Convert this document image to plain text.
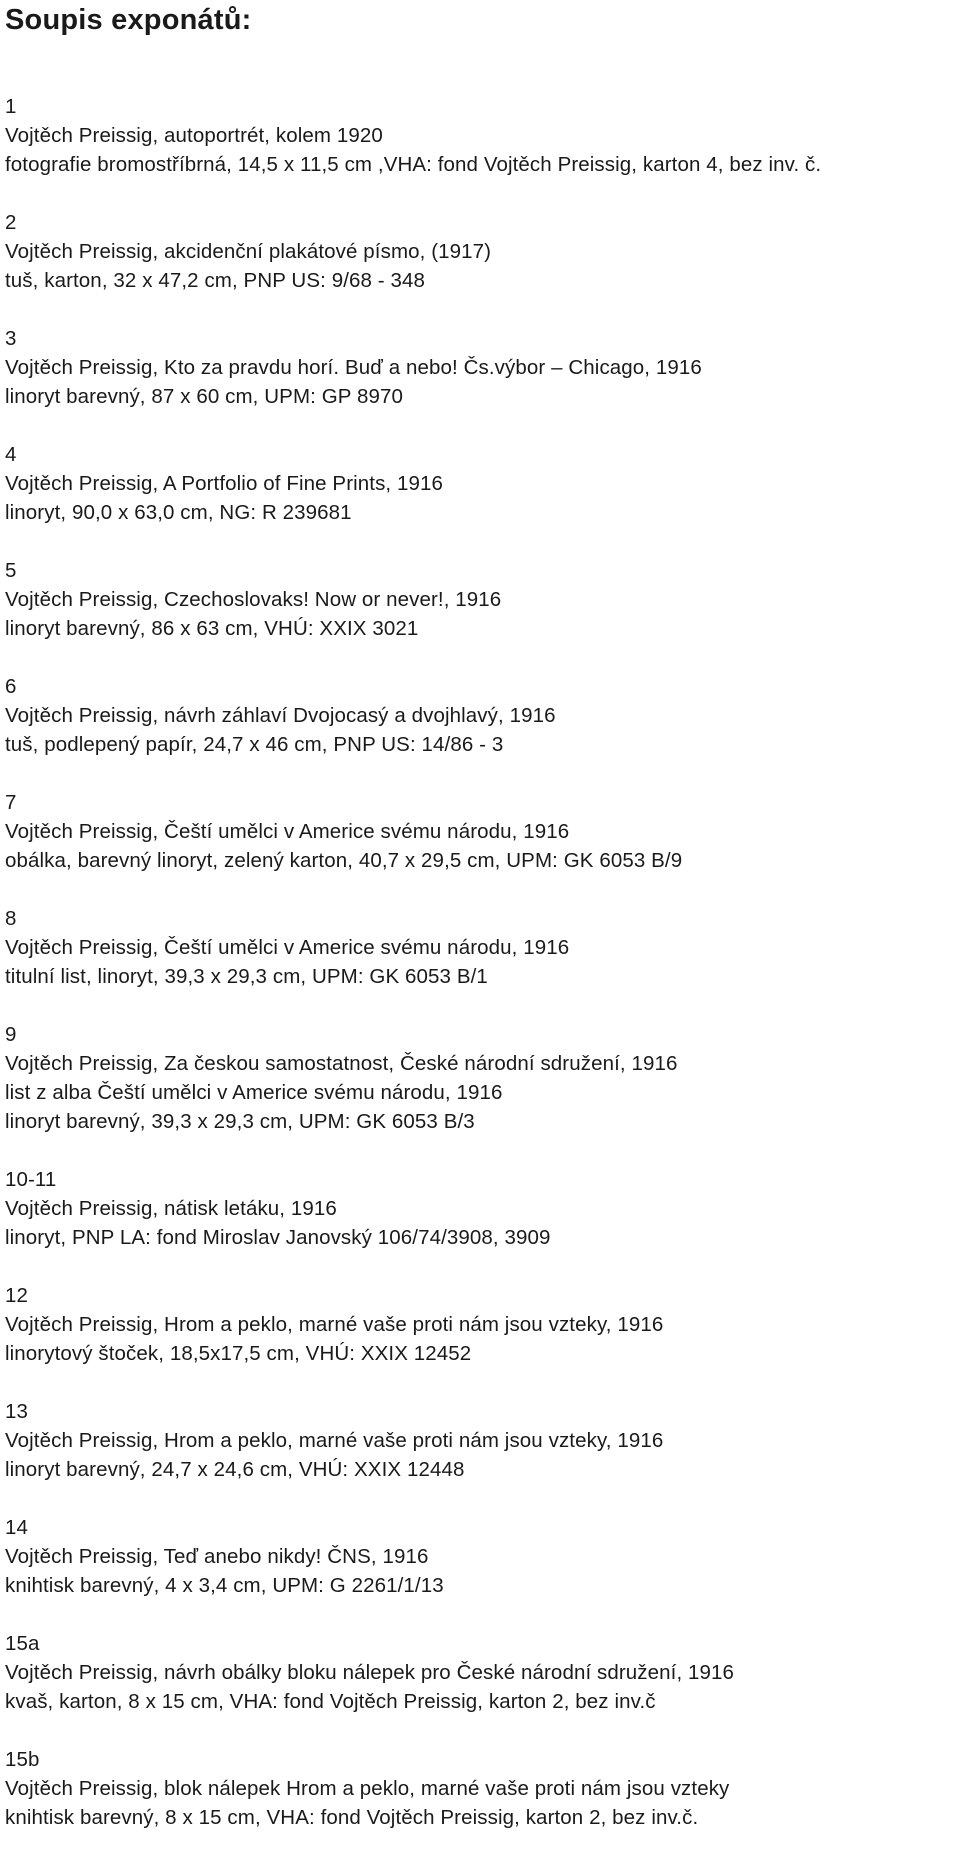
Soupis exponátů:
1
Vojtěch Preissig, autoportrét, kolem 1920
fotografie bromostříbrná, 14,5 x 11,5 cm ,VHA: fond Vojtěch Preissig, karton 4, bez inv. č.
2
Vojtěch Preissig, akcidenční plakátové písmo, (1917)
tuš, karton, 32 x 47,2 cm, PNP US: 9/68 - 348
3
Vojtěch Preissig, Kto za pravdu horí. Buď a nebo! Čs.výbor – Chicago, 1916
linoryt barevný, 87 x 60 cm, UPM: GP 8970
4
Vojtěch Preissig, A Portfolio of Fine Prints, 1916
linoryt, 90,0 x 63,0 cm, NG: R 239681
5
Vojtěch Preissig, Czechoslovaks! Now or never!, 1916
linoryt barevný, 86 x 63 cm, VHÚ: XXIX 3021
6
Vojtěch Preissig, návrh záhlaví Dvojocasý a dvojhlavý, 1916
tuš, podlepený papír, 24,7 x 46 cm, PNP US: 14/86 - 3
7
Vojtěch Preissig, Čeští umělci v Americe svému národu, 1916
obálka, barevný linoryt, zelený karton, 40,7 x 29,5 cm, UPM: GK 6053 B/9
8
Vojtěch Preissig, Čeští umělci v Americe svému národu, 1916
titulní list, linoryt, 39,3 x 29,3 cm, UPM: GK 6053 B/1
9
Vojtěch Preissig, Za českou samostatnost, České národní sdružení, 1916
list z alba Čeští umělci v Americe svému národu, 1916
linoryt barevný, 39,3 x 29,3 cm, UPM: GK 6053 B/3
10-11
Vojtěch Preissig, nátisk letáku, 1916
linoryt, PNP LA: fond Miroslav Janovský 106/74/3908, 3909
12
Vojtěch Preissig, Hrom a peklo, marné vaše proti nám jsou vzteky, 1916
linorytový štoček, 18,5x17,5 cm, VHÚ: XXIX 12452
13
Vojtěch Preissig, Hrom a peklo, marné vaše proti nám jsou vzteky, 1916
linoryt barevný, 24,7 x 24,6 cm, VHÚ: XXIX 12448
14
Vojtěch Preissig, Teď anebo nikdy! ČNS, 1916
knihtisk barevný, 4 x 3,4 cm, UPM: G 2261/1/13
15a
Vojtěch Preissig, návrh obálky bloku nálepek pro České národní sdružení, 1916
kvaš, karton, 8 x 15 cm, VHA: fond Vojtěch Preissig, karton 2, bez inv.č
15b
Vojtěch Preissig, blok nálepek Hrom a peklo, marné vaše proti nám jsou vzteky
knihtisk barevný, 8 x 15 cm, VHA: fond Vojtěch Preissig, karton 2, bez inv.č.
